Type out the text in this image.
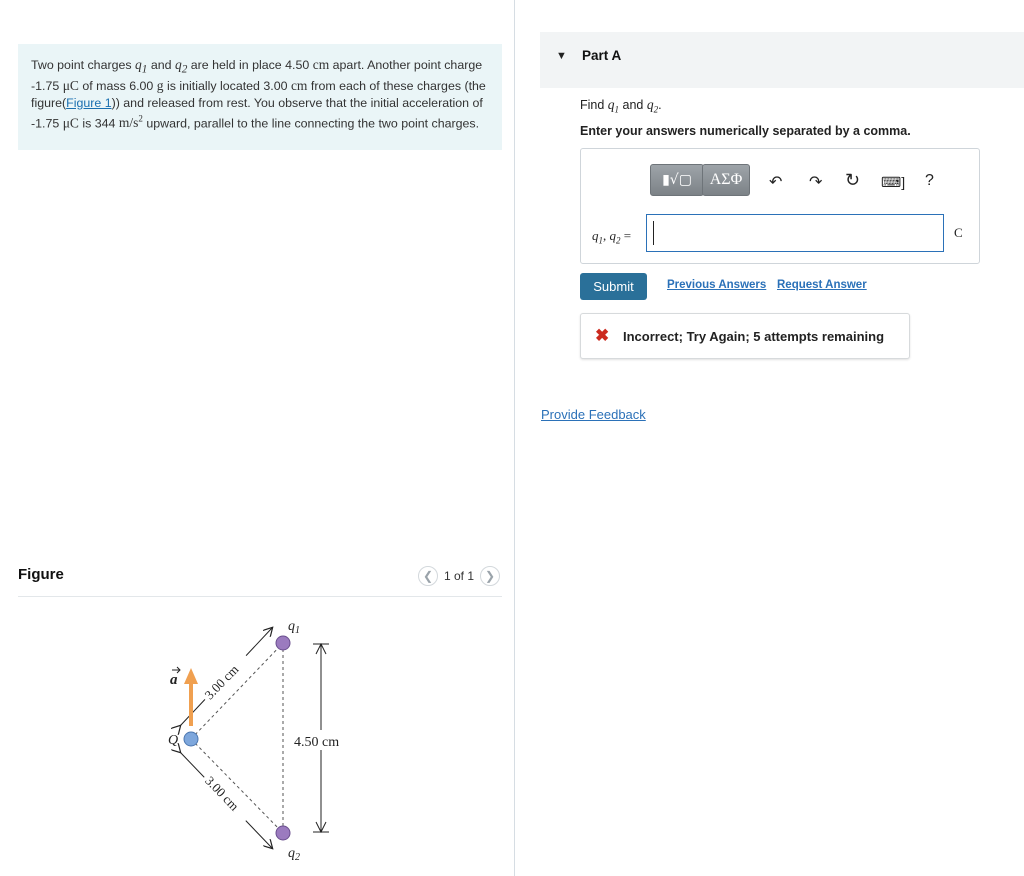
Two point charges $q_1$ and $q_2$ are held in place 4.50 cm apart. Another point charge -1.75 μC of mass 6.00 g is initially located 3.00 cm from each of these charges (the figure(Figure 1)) and released from rest. You observe that the initial acceleration of -1.75 μC is 344 $m/s^2$ upward, parallel to the line connecting the two point charges.
Figure	❮ 1 of 1 ❯
4.50 cm
3.00 cm
3.00 cm
a
$q_1$
$q_2$
Q
▼ Part A
Find $q_1$ and $q_2$.
Enter your answers numerically separated by a comma.
▮√▢	ΑΣΦ	↶ ↷ ↻ ⌨] ?
$q_1$, $q_2$ =	C
Submit	Previous Answers Request Answer
✖ Incorrect; Try Again; 5 attempts remaining
Provide Feedback
